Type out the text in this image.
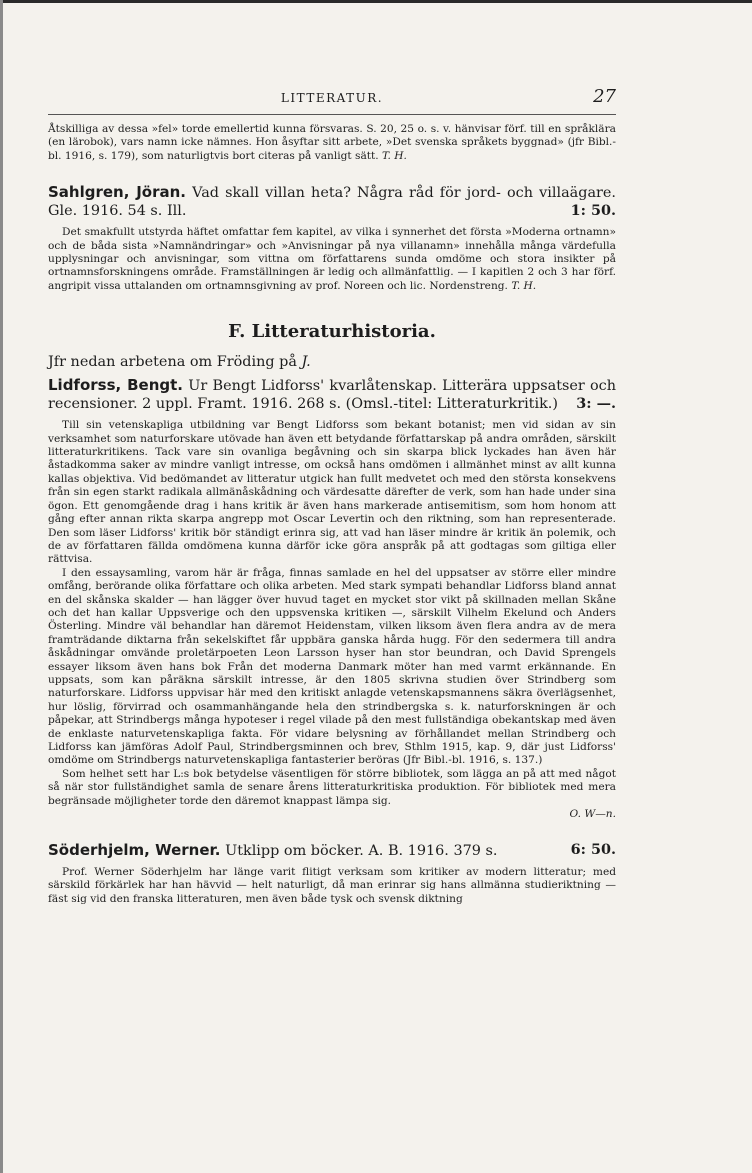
LITTERATUR.	27

Åtskilliga av dessa »fel» torde emellertid kunna försvaras. S. 20, 25 o. s. v. hänvisar förf. till en språklära (en lärobok), vars namn icke nämnes. Hon åsyftar sitt arbete, »Det svenska språkets byggnad» (jfr Bibl.-bl. 1916, s. 179), som naturligtvis bort citeras på vanligt sätt. T. H.

Sahlgren, Jöran. Vad skall villan heta? Några råd för jord- och villaägare. Gle. 1916. 54 s. Ill.	1: 50.

Det smakfullt utstyrda häftet omfattar fem kapitel, av vilka i synnerhet det första »Moderna ortnamn» och de båda sista »Namnändringar» och »Anvisningar på nya villanamn» innehålla många värdefulla upplysningar och anvisningar, som vittna om författarens sunda omdöme och stora insikter på ortnamnsforskningens område. Framställningen är ledig och allmänfattlig. — I kapitlen 2 och 3 har förf. angripit vissa uttalanden om ortnamnsgivning av prof. Noreen och lic. Nordenstreng. T. H.

F. Litteraturhistoria.

Jfr nedan arbetena om Fröding på J.

Lidforss, Bengt. Ur Bengt Lidforss' kvarlåtenskap. Litterära uppsatser och recensioner. 2 uppl. Framt. 1916. 268 s. (Omsl.-titel: Litteraturkritik.) 3: —.

Till sin vetenskapliga utbildning var Bengt Lidforss som bekant botanist; men vid sidan av sin verksamhet som naturforskare utövade han även ett betydande författarskap på andra områden, särskilt litteraturkritikens. Tack vare sin ovanliga begåvning och sin skarpa blick lyckades han även här åstadkomma saker av mindre vanligt intresse, om också hans omdömen i allmänhet minst av allt kunna kallas objektiva. Vid bedömandet av litteratur utgick han fullt medvetet och med den största konsekvens från sin egen starkt radikala allmänåskådning och värdesatte därefter de verk, som han hade under sina ögon. Ett genomgående drag i hans kritik är även hans markerade antisemitism, som hom honom att gång efter annan rikta skarpa angrepp mot Oscar Levertin och den riktning, som han representerade. Den som läser Lidforss' kritik bör ständigt erinra sig, att vad han läser mindre är kritik än polemik, och de av författaren fällda omdömena kunna därför icke göra anspråk på att godtagas som giltiga eller rättvisa.

I den essaysamling, varom här är fråga, finnas samlade en hel del uppsatser av större eller mindre omfång, berörande olika författare och olika arbeten. Med stark sympati behandlar Lidforss bland annat en del skånska skalder — han lägger över huvud taget en mycket stor vikt på skillnaden mellan Skåne och det han kallar Uppsverige och den uppsvenska kritiken —, särskilt Vilhelm Ekelund och Anders Österling. Mindre väl behandlar han däremot Heidenstam, vilken liksom även flera andra av de mera framträdande diktarna från sekelskiftet får uppbära ganska hårda hugg. För den sedermera till andra åskådningar omvände proletärpoeten Leon Larsson hyser han stor beundran, och David Sprengels essayer liksom även hans bok Från det moderna Danmark möter han med varmt erkännande. En uppsats, som kan påräkna särskilt intresse, är den 1805 skrivna studien över Strindberg som naturforskare. Lidforss uppvisar här med den kritiskt anlagde vetenskapsmannens säkra överlägsenhet, hur löslig, förvirrad och osammanhängande hela den strindbergska s. k. naturforskningen är och påpekar, att Strindbergs många hypoteser i regel vilade på den mest fullständiga obekantskap med även de enklaste naturvetenskapliga fakta. För vidare belysning av förhållandet mellan Strindberg och Lidforss kan jämföras Adolf Paul, Strindbergsminnen och brev, Sthlm 1915, kap. 9, där just Lidforss' omdöme om Strindbergs naturvetenskapliga fantasterier beröras (Jfr Bibl.-bl. 1916, s. 137.)

Som helhet sett har L:s bok betydelse väsentligen för större bibliotek, som lägga an på att med något så när stor fullständighet samla de senare årens litteraturkritiska produktion. För bibliotek med mera begränsade möjligheter torde den däremot knappast lämpa sig.

O. W—n.

Söderhjelm, Werner. Utklipp om böcker. A. B. 1916. 379 s.	6: 50.

Prof. Werner Söderhjelm har länge varit flitigt verksam som kritiker av modern litteratur; med särskild förkärlek har han hävvid — helt naturligt, då man erinrar sig hans allmänna studieriktning — fäst sig vid den franska litteraturen, men även både tysk och svensk diktning
